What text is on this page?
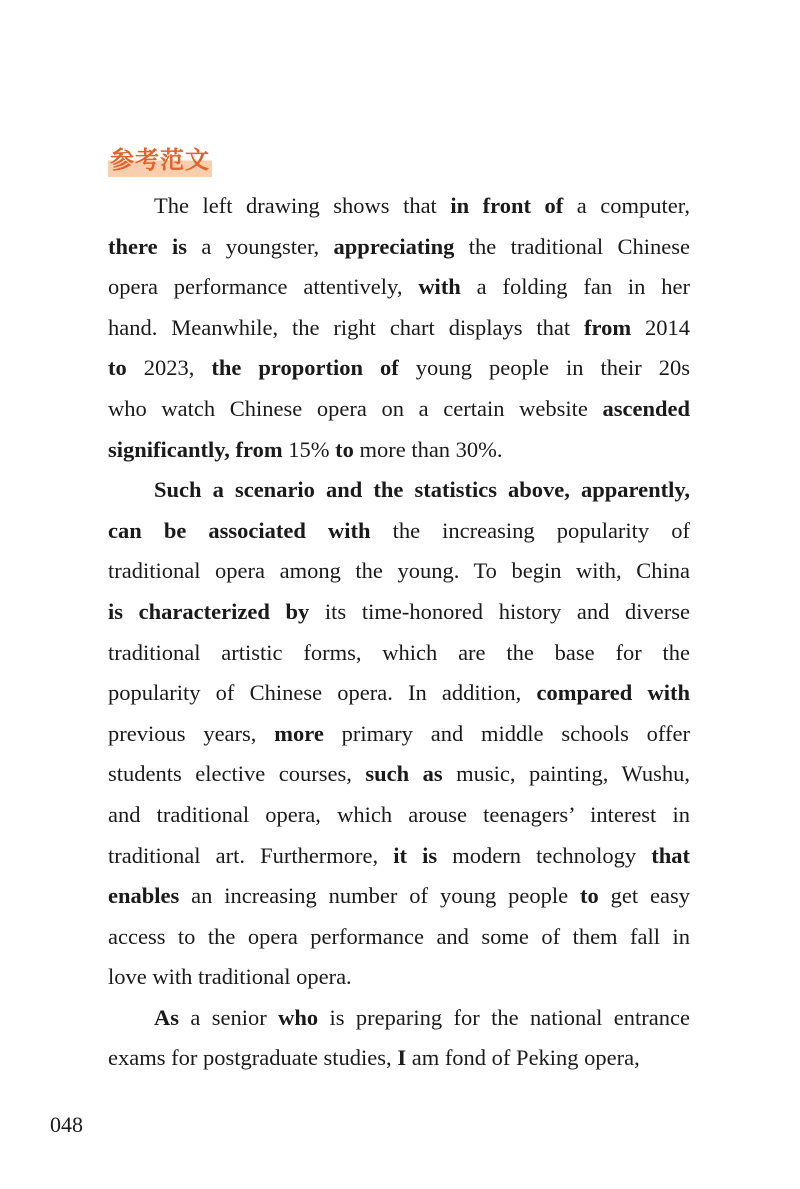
参考范文
The left drawing shows that in front of a computer,
there is a youngster, appreciating the traditional Chinese
opera performance attentively, with a folding fan in her
hand. Meanwhile, the right chart displays that from 2014
to 2023, the proportion of young people in their 20s
who watch Chinese opera on a certain website ascended
significantly, from 15% to more than 30%.
Such a scenario and the statistics above, apparently,
can be associated with the increasing popularity of
traditional opera among the young. To begin with, China
is characterized by its time-honored history and diverse
traditional artistic forms, which are the base for the
popularity of Chinese opera. In addition, compared with
previous years, more primary and middle schools offer
students elective courses, such as music, painting, Wushu,
and traditional opera, which arouse teenagers’ interest in
traditional art. Furthermore, it is modern technology that
enables an increasing number of young people to get easy
access to the opera performance and some of them fall in
love with traditional opera.
As a senior who is preparing for the national entrance
exams for postgraduate studies, I am fond of Peking opera,
048
